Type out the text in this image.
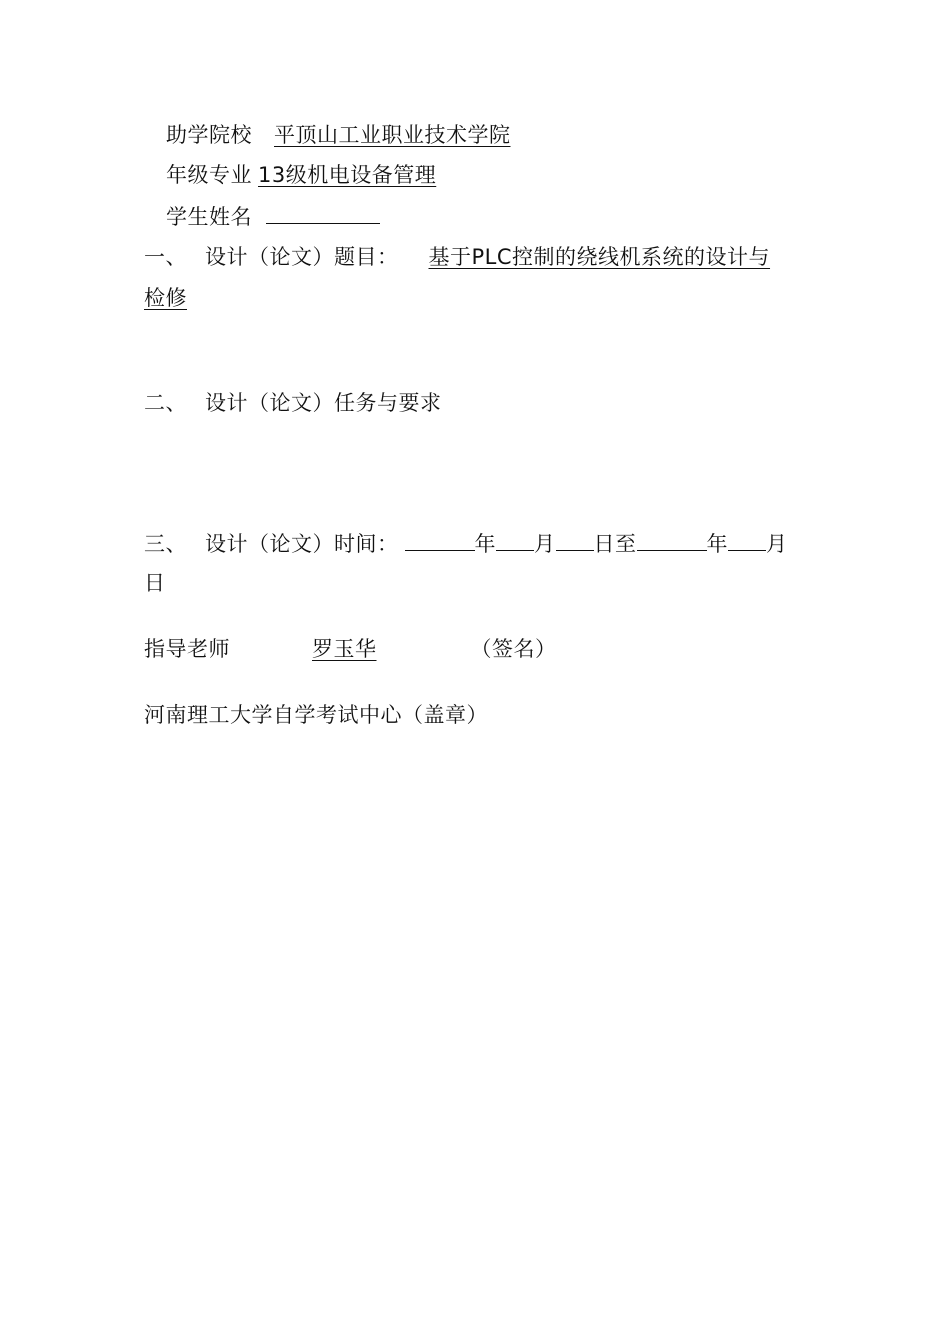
助学院校 平顶山工业职业技术学院
年级专业 13级机电设备管理
学生姓名
一、 设计（论文）题目： 基于PLC控制的绕线机系统的设计与
检修
二、 设计（论文）任务与要求
三、 设计（论文）时间：	年 月 日至	年 月
日
指导老师	罗玉华	（签名）
河南理工大学自学考试中心（盖章）
